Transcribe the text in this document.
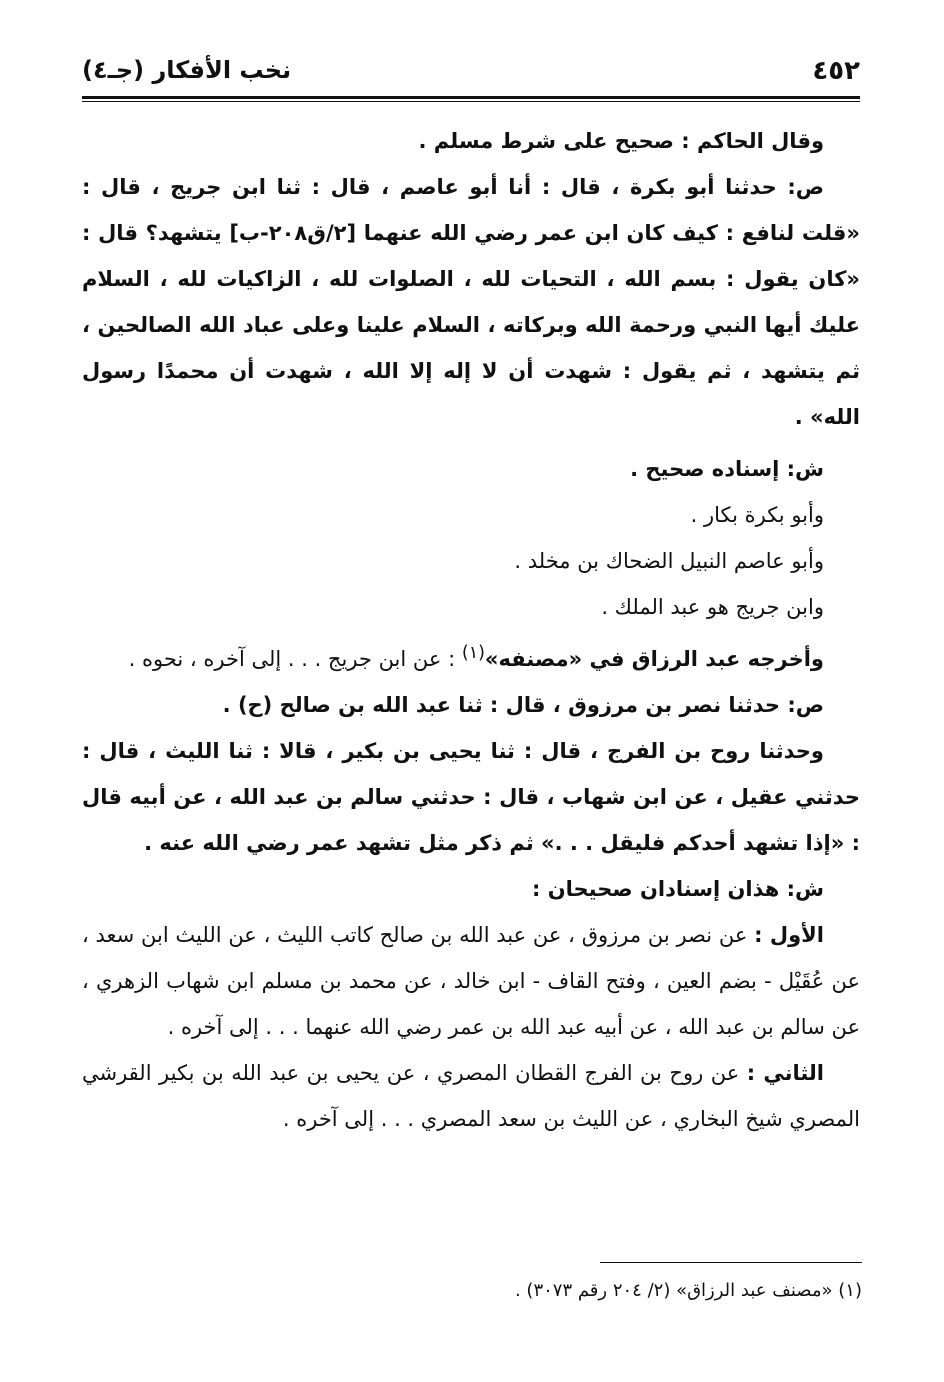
٤٥٢
نخب الأفكار (جـ٤)

وقال الحاكم : صحيح على شرط مسلم .

ص: حدثنا أبو بكرة ، قال : أنا أبو عاصم ، قال : ثنا ابن جريج ، قال : «قلت لنافع : كيف كان ابن عمر رضي الله عنهما [٢/ق٢٠٨-ب] يتشهد؟ قال : «كان يقول : بسم الله ، التحيات لله ، الصلوات لله ، الزاكيات لله ، السلام عليك أيها النبي ورحمة الله وبركاته ، السلام علينا وعلى عباد الله الصالحين ، ثم يتشهد ، ثم يقول : شهدت أن لا إله إلا الله ، شهدت أن محمدًا رسول الله» .

ش: إسناده صحيح .

وأبو بكرة بكار .

وأبو عاصم النبيل الضحاك بن مخلد .

وابن جريج هو عبد الملك .

وأخرجه عبد الرزاق في «مصنفه»$^{(١)}$ : عن ابن جريج . . . إلى آخره ، نحوه .

ص: حدثنا نصر بن مرزوق ، قال : ثنا عبد الله بن صالح (ح) .

وحدثنا روح بن الفرج ، قال : ثنا يحيى بن بكير ، قالا : ثنا الليث ، قال : حدثني عقيل ، عن ابن شهاب ، قال : حدثني سالم بن عبد الله ، عن أبيه قال : «إذا تشهد أحدكم فليقل . . .» ثم ذكر مثل تشهد عمر رضي الله عنه .

ش: هذان إسنادان صحيحان :

الأول : عن نصر بن مرزوق ، عن عبد الله بن صالح كاتب الليث ، عن الليث ابن سعد ، عن عُقَيْل - بضم العين ، وفتح القاف - ابن خالد ، عن محمد بن مسلم ابن شهاب الزهري ، عن سالم بن عبد الله ، عن أبيه عبد الله بن عمر رضي الله عنهما . . . إلى آخره .

الثاني : عن روح بن الفرج القطان المصري ، عن يحيى بن عبد الله بن بكير القرشي المصري شيخ البخاري ، عن الليث بن سعد المصري . . . إلى آخره .

(١) «مصنف عبد الرزاق» (٢/ ٢٠٤ رقم ٣٠٧٣) .
